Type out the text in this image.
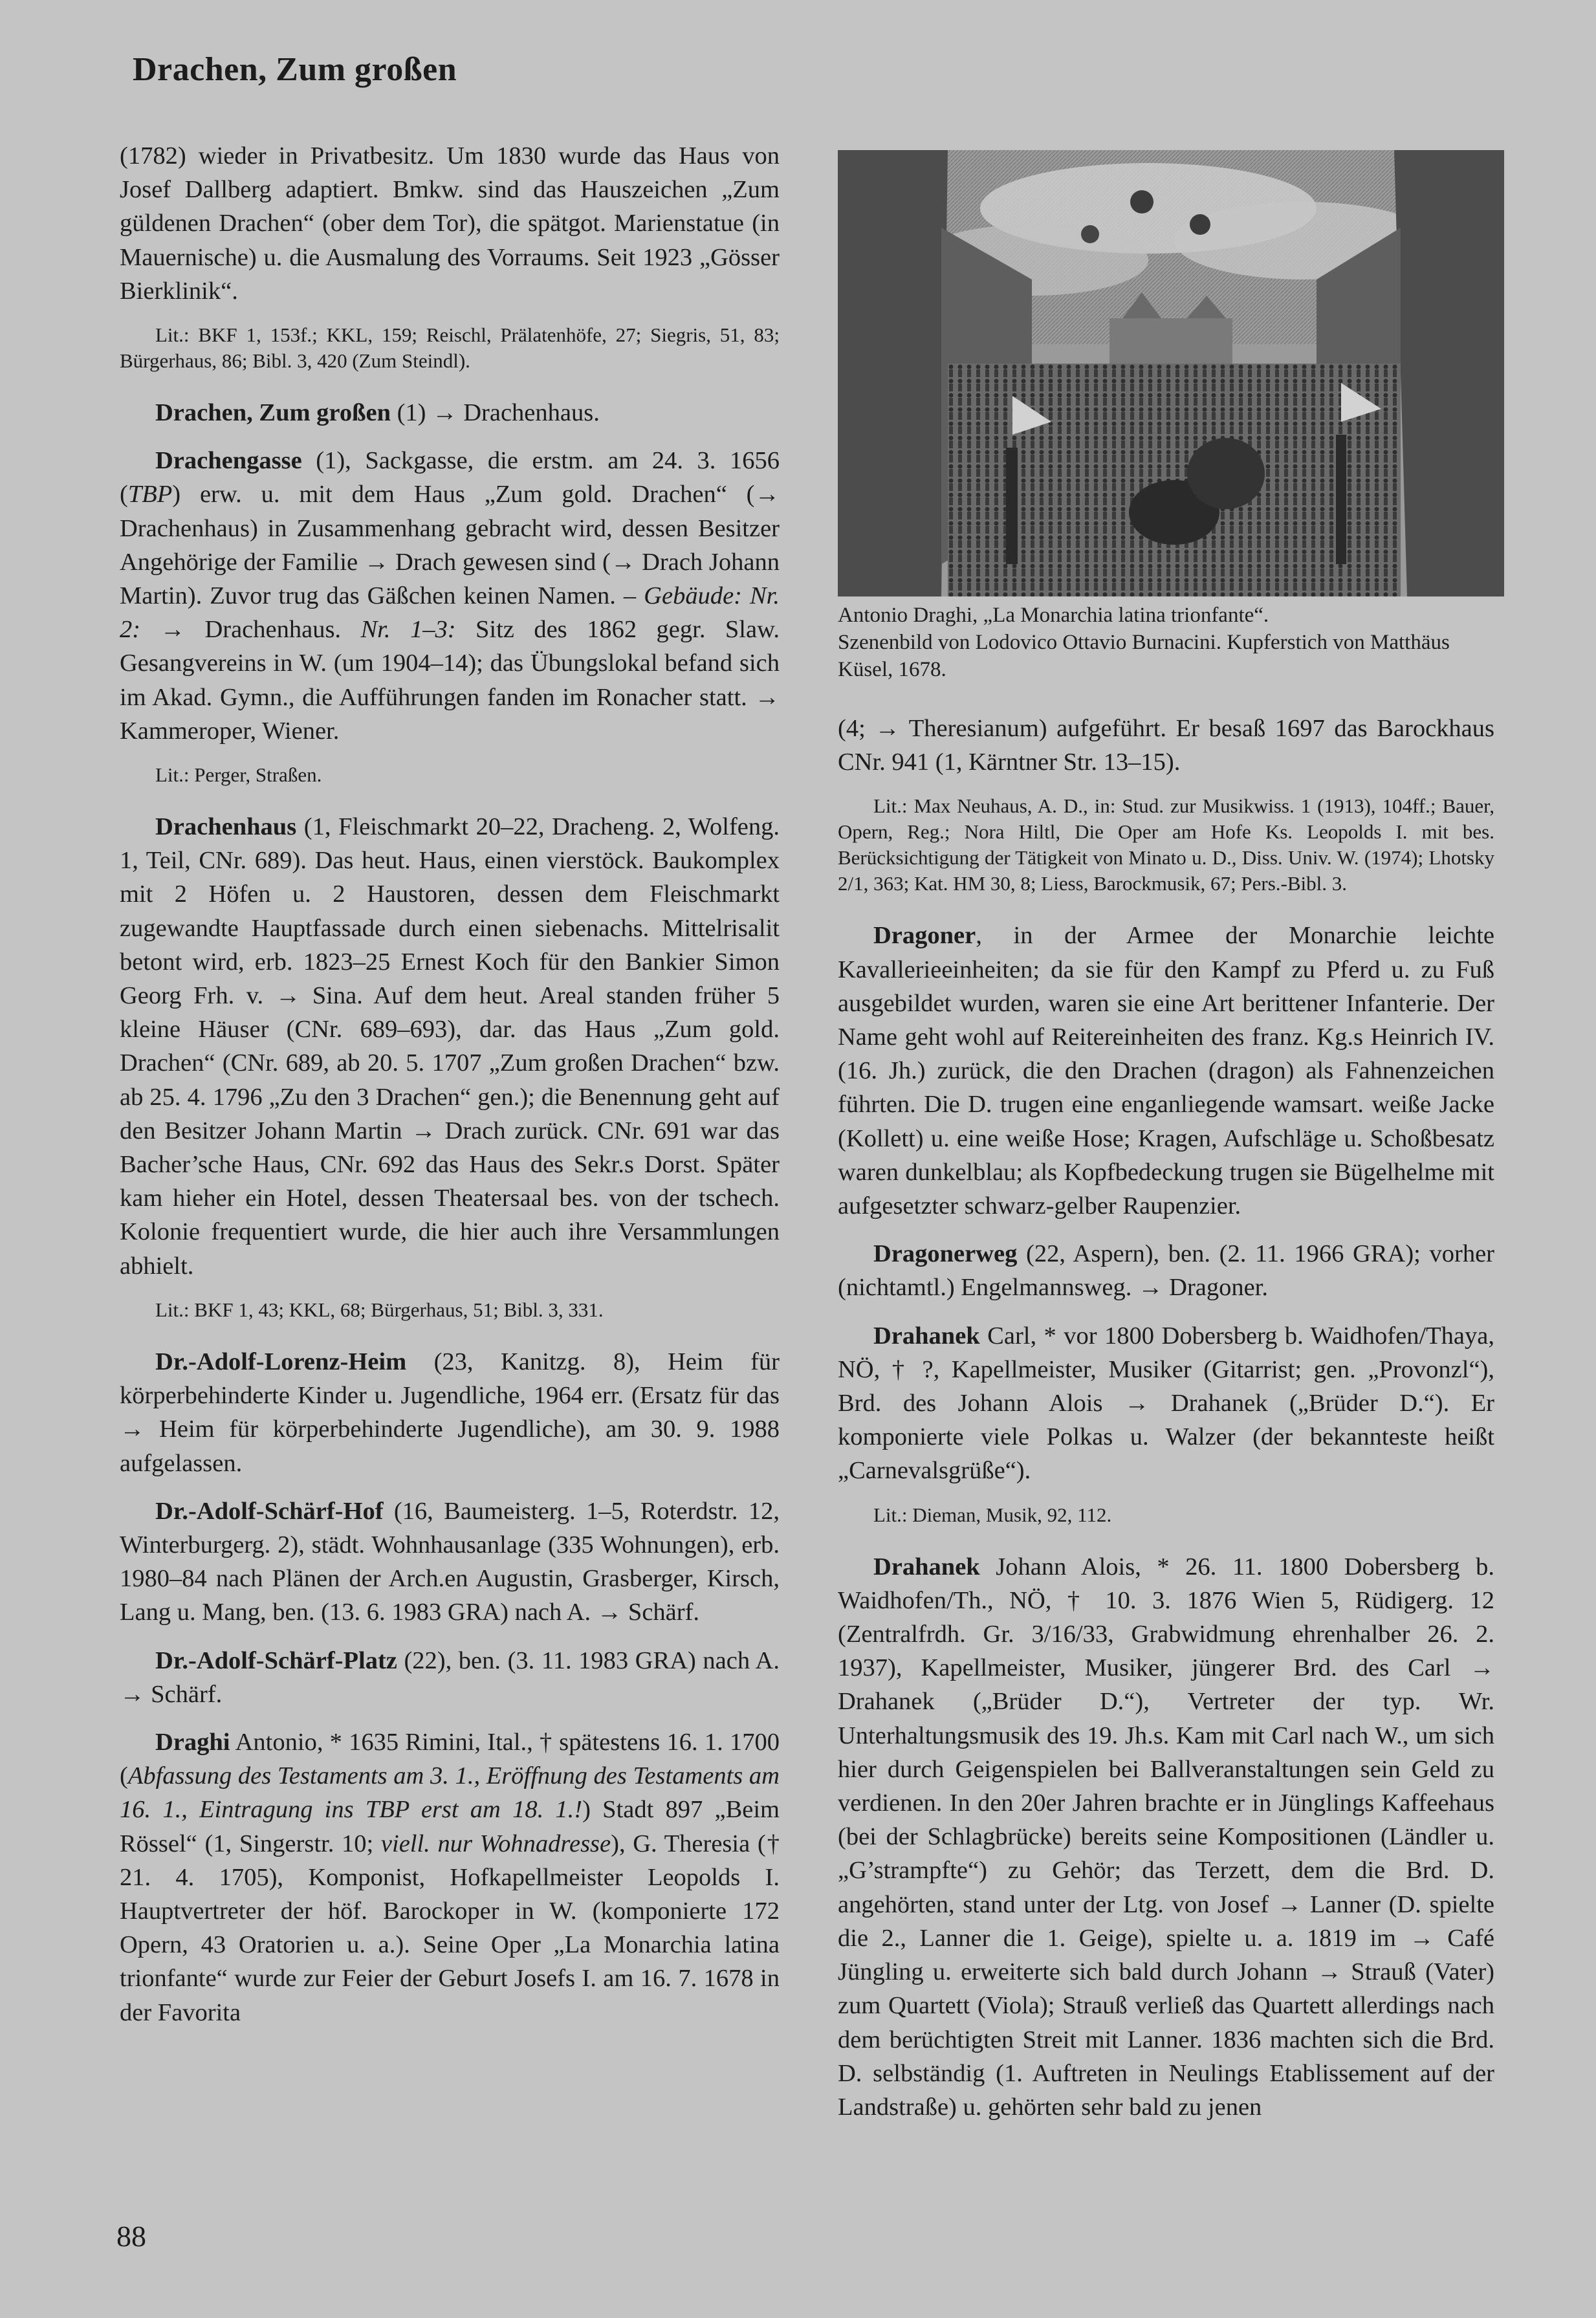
Drachen, Zum großen

(1782) wieder in Privatbesitz. Um 1830 wurde das Haus von Josef Dallberg adaptiert. Bmkw. sind das Hauszeichen „Zum güldenen Drachen“ (ober dem Tor), die spätgot. Marienstatue (in Mauernische) u. die Ausmalung des Vorraums. Seit 1923 „Gösser Bierklinik“.

Lit.: BKF 1, 153f.; KKL, 159; Reischl, Prälatenhöfe, 27; Siegris, 51, 83; Bürgerhaus, 86; Bibl. 3, 420 (Zum Steindl).

Drachen, Zum großen (1) → Drachenhaus.

Drachengasse (1), Sackgasse, die erstm. am 24. 3. 1656 (TBP) erw. u. mit dem Haus „Zum gold. Drachen“ (→ Drachenhaus) in Zusammenhang gebracht wird, dessen Besitzer Angehörige der Familie → Drach gewesen sind (→ Drach Johann Martin). Zuvor trug das Gäßchen keinen Namen. – Gebäude: Nr. 2: → Drachenhaus. Nr. 1–3: Sitz des 1862 gegr. Slaw. Gesangvereins in W. (um 1904–14); das Übungslokal befand sich im Akad. Gymn., die Aufführungen fanden im Ronacher statt. → Kammeroper, Wiener.

Lit.: Perger, Straßen.

Drachenhaus (1, Fleischmarkt 20–22, Dracheng. 2, Wolfeng. 1, Teil, CNr. 689). Das heut. Haus, einen vierstöck. Baukomplex mit 2 Höfen u. 2 Haustoren, dessen dem Fleischmarkt zugewandte Hauptfassade durch einen siebenachs. Mittelrisalit betont wird, erb. 1823–25 Ernest Koch für den Bankier Simon Georg Frh. v. → Sina. Auf dem heut. Areal standen früher 5 kleine Häuser (CNr. 689–693), dar. das Haus „Zum gold. Drachen“ (CNr. 689, ab 20. 5. 1707 „Zum großen Drachen“ bzw. ab 25. 4. 1796 „Zu den 3 Drachen“ gen.); die Benennung geht auf den Besitzer Johann Martin → Drach zurück. CNr. 691 war das Bacher’sche Haus, CNr. 692 das Haus des Sekr.s Dorst. Später kam hieher ein Hotel, dessen Theatersaal bes. von der tschech. Kolonie frequentiert wurde, die hier auch ihre Versammlungen abhielt.

Lit.: BKF 1, 43; KKL, 68; Bürgerhaus, 51; Bibl. 3, 331.

Dr.-Adolf-Lorenz-Heim (23, Kanitzg. 8), Heim für körperbehinderte Kinder u. Jugendliche, 1964 err. (Ersatz für das → Heim für körperbehinderte Jugendliche), am 30. 9. 1988 aufgelassen.

Dr.-Adolf-Schärf-Hof (16, Baumeisterg. 1–5, Roterdstr. 12, Winterburgerg. 2), städt. Wohnhausanlage (335 Wohnungen), erb. 1980–84 nach Plänen der Arch.en Augustin, Grasberger, Kirsch, Lang u. Mang, ben. (13. 6. 1983 GRA) nach A. → Schärf.

Dr.-Adolf-Schärf-Platz (22), ben. (3. 11. 1983 GRA) nach A. → Schärf.

Draghi Antonio, * 1635 Rimini, Ital., † spätestens 16. 1. 1700 (Abfassung des Testaments am 3. 1., Eröffnung des Testaments am 16. 1., Eintragung ins TBP erst am 18. 1.!) Stadt 897 „Beim Rössel“ (1, Singerstr. 10; viell. nur Wohnadresse), G. Theresia († 21. 4. 1705), Komponist, Hofkapellmeister Leopolds I. Hauptvertreter der höf. Barockoper in W. (komponierte 172 Opern, 43 Oratorien u. a.). Seine Oper „La Monarchia latina trionfante“ wurde zur Feier der Geburt Josefs I. am 16. 7. 1678 in der Favorita

Antonio Draghi, „La Monarchia latina trionfante“.
Szenenbild von Lodovico Ottavio Burnacini. Kupferstich von Matthäus Küsel, 1678.

(4; → Theresianum) aufgeführt. Er besaß 1697 das Barockhaus CNr. 941 (1, Kärntner Str. 13–15).

Lit.: Max Neuhaus, A. D., in: Stud. zur Musikwiss. 1 (1913), 104ff.; Bauer, Opern, Reg.; Nora Hiltl, Die Oper am Hofe Ks. Leopolds I. mit bes. Berücksichtigung der Tätigkeit von Minato u. D., Diss. Univ. W. (1974); Lhotsky 2/1, 363; Kat. HM 30, 8; Liess, Barockmusik, 67; Pers.-Bibl. 3.

Dragoner, in der Armee der Monarchie leichte Kavallerieeinheiten; da sie für den Kampf zu Pferd u. zu Fuß ausgebildet wurden, waren sie eine Art berittener Infanterie. Der Name geht wohl auf Reitereinheiten des franz. Kg.s Heinrich IV. (16. Jh.) zurück, die den Drachen (dragon) als Fahnenzeichen führten. Die D. trugen eine enganliegende wamsart. weiße Jacke (Kollett) u. eine weiße Hose; Kragen, Aufschläge u. Schoßbesatz waren dunkelblau; als Kopfbedeckung trugen sie Bügelhelme mit aufgesetzter schwarz-gelber Raupenzier.

Dragonerweg (22, Aspern), ben. (2. 11. 1966 GRA); vorher (nichtamtl.) Engelmannsweg. → Dragoner.

Drahanek Carl, * vor 1800 Dobersberg b. Waidhofen/Thaya, NÖ, † ?, Kapellmeister, Musiker (Gitarrist; gen. „Provonzl“), Brd. des Johann Alois → Drahanek („Brüder D.“). Er komponierte viele Polkas u. Walzer (der bekannteste heißt „Carnevalsgrüße“).

Lit.: Dieman, Musik, 92, 112.

Drahanek Johann Alois, * 26. 11. 1800 Dobersberg b. Waidhofen/Th., NÖ, † 10. 3. 1876 Wien 5, Rüdigerg. 12 (Zentralfrdh. Gr. 3/16/33, Grabwidmung ehrenhalber 26. 2. 1937), Kapellmeister, Musiker, jüngerer Brd. des Carl → Drahanek („Brüder D.“), Vertreter der typ. Wr. Unterhaltungsmusik des 19. Jh.s. Kam mit Carl nach W., um sich hier durch Geigenspielen bei Ballveranstaltungen sein Geld zu verdienen. In den 20er Jahren brachte er in Jünglings Kaffeehaus (bei der Schlagbrücke) bereits seine Kompositionen (Ländler u. „G’strampfte“) zu Gehör; das Terzett, dem die Brd. D. angehörten, stand unter der Ltg. von Josef → Lanner (D. spielte die 2., Lanner die 1. Geige), spielte u. a. 1819 im → Café Jüngling u. erweiterte sich bald durch Johann → Strauß (Vater) zum Quartett (Viola); Strauß verließ das Quartett allerdings nach dem berüchtigten Streit mit Lanner. 1836 machten sich die Brd. D. selbständig (1. Auftreten in Neulings Etablissement auf der Landstraße) u. gehörten sehr bald zu jenen

88
